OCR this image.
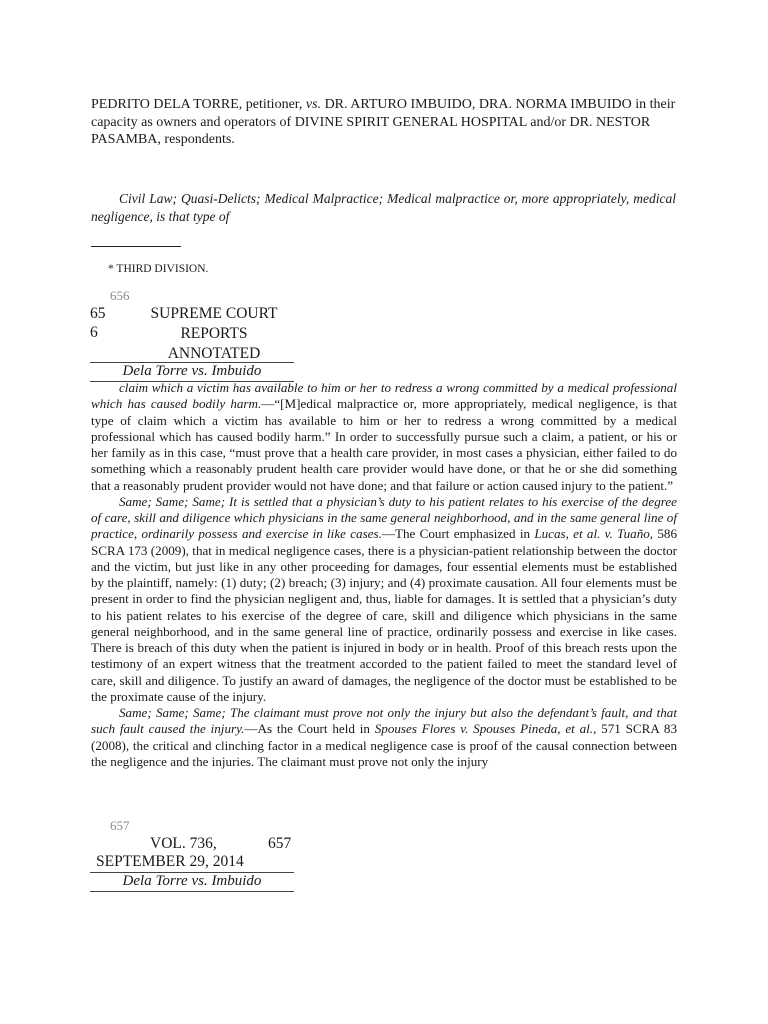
PEDRITO DELA TORRE, petitioner, vs. DR. ARTURO IMBUIDO, DRA. NORMA IMBUIDO in their capacity as owners and operators of DIVINE SPIRIT GENERAL HOSPITAL and/or DR. NESTOR PASAMBA, respondents.
Civil Law; Quasi-Delicts; Medical Malpractice; Medical malpractice or, more appropriately, medical negligence, is that type of
* THIRD DIVISION.
656
65
6
SUPREME COURT
REPORTS
ANNOTATED
Dela Torre vs. Imbuido

claim which a victim has available to him or her to redress a wrong committed by a medical professional which has caused bodily harm.—“[M]edical malpractice or, more appropriately, medical negligence, is that type of claim which a victim has available to him or her to redress a wrong committed by a medical professional which has caused bodily harm.” In order to successfully pursue such a claim, a patient, or his or her family as in this case, “must prove that a health care provider, in most cases a physician, either failed to do something which a reasonably prudent health care provider would have done, or that he or she did something that a reasonably prudent provider would not have done; and that failure or action caused injury to the patient.”

Same; Same; Same; It is settled that a physician’s duty to his patient relates to his exercise of the degree of care, skill and diligence which physicians in the same general neighborhood, and in the same general line of practice, ordinarily possess and exercise in like cases.—The Court emphasized in Lucas, et al. v. Tuaño, 586 SCRA 173 (2009), that in medical negligence cases, there is a physician-patient relationship between the doctor and the victim, but just like in any other proceeding for damages, four essential elements must be established by the plaintiff, namely: (1) duty; (2) breach; (3) injury; and (4) proximate causation. All four elements must be present in order to find the physician negligent and, thus, liable for damages. It is settled that a physician’s duty to his patient relates to his exercise of the degree of care, skill and diligence which physicians in the same general neighborhood, and in the same general line of practice, ordinarily possess and exercise in like cases. There is breach of this duty when the patient is injured in body or in health. Proof of this breach rests upon the testimony of an expert witness that the treatment accorded to the patient failed to meet the standard level of care, skill and diligence. To justify an award of damages, the negligence of the doctor must be established to be the proximate cause of the injury.

Same; Same; Same; The claimant must prove not only the injury but also the defendant’s fault, and that such fault caused the injury.—As the Court held in Spouses Flores v. Spouses Pineda, et al., 571 SCRA 83 (2008), the critical and clinching factor in a medical negligence case is proof of the causal connection between the negligence and the injuries. The claimant must prove not only the injury

657
VOL. 736,	657
SEPTEMBER 29, 2014
Dela Torre vs. Imbuido
